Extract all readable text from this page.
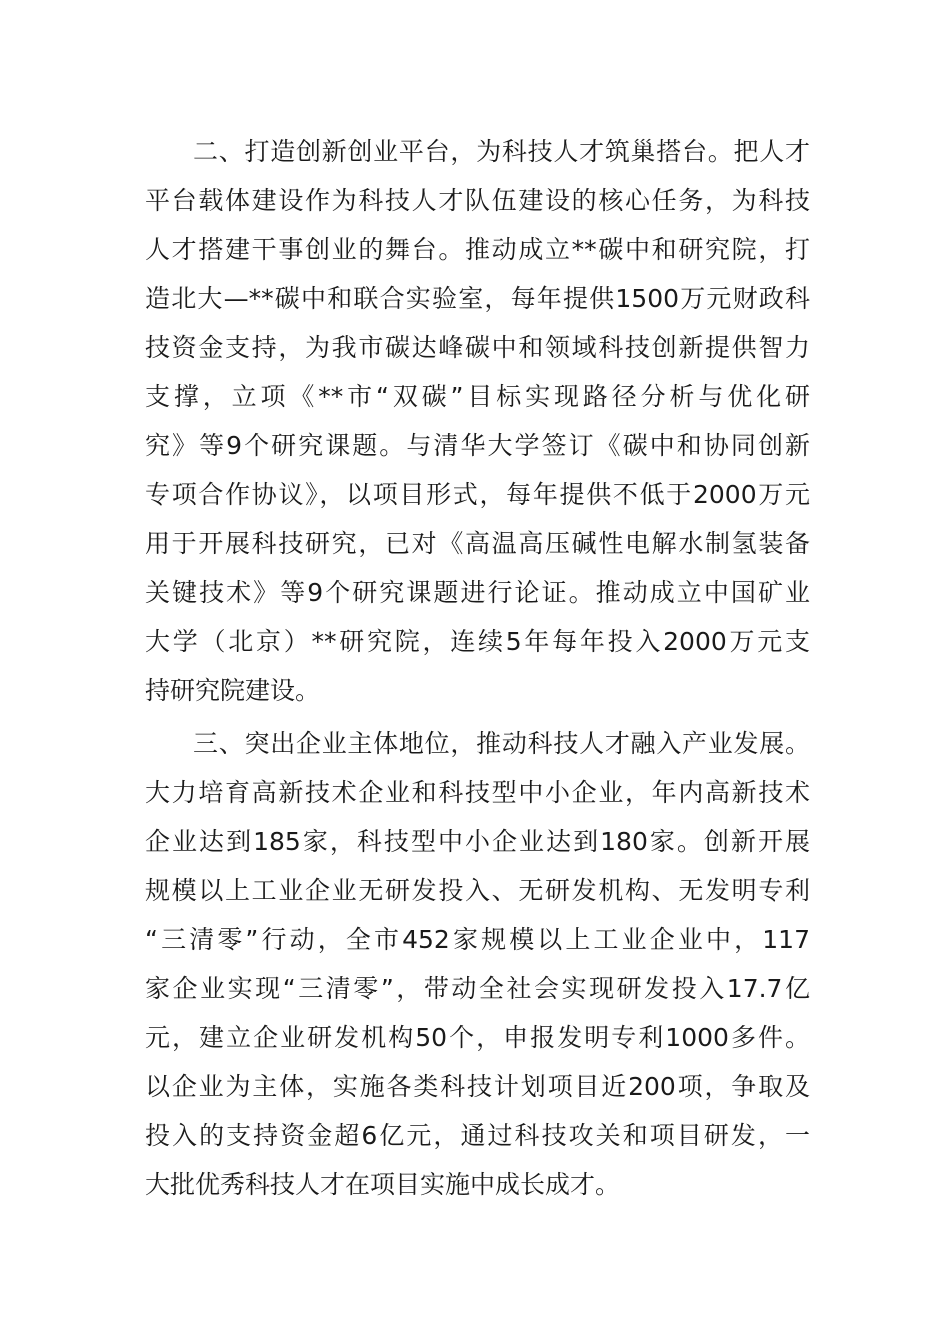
二、打造创新创业平台，为科技人才筑巢搭台。把人才
平台载体建设作为科技人才队伍建设的核心任务，为科技
人才搭建干事创业的舞台。推动成立**碳中和研究院，打
造北大—**碳中和联合实验室，每年提供1500万元财政科
技资金支持，为我市碳达峰碳中和领域科技创新提供智力
支撑，立项《**市“双碳”目标实现路径分析与优化研
究》等9个研究课题。与清华大学签订《碳中和协同创新
专项合作协议》，以项目形式，每年提供不低于2000万元
用于开展科技研究，已对《高温高压碱性电解水制氢装备
关键技术》等9个研究课题进行论证。推动成立中国矿业
大学（北京）**研究院，连续5年每年投入2000万元支
持研究院建设。
三、突出企业主体地位，推动科技人才融入产业发展。
大力培育高新技术企业和科技型中小企业，年内高新技术
企业达到185家，科技型中小企业达到180家。创新开展
规模以上工业企业无研发投入、无研发机构、无发明专利
“三清零”行动，全市452家规模以上工业企业中，117
家企业实现“三清零”，带动全社会实现研发投入17.7亿
元，建立企业研发机构50个，申报发明专利1000多件。
以企业为主体，实施各类科技计划项目近200项，争取及
投入的支持资金超6亿元，通过科技攻关和项目研发，一
大批优秀科技人才在项目实施中成长成才。
